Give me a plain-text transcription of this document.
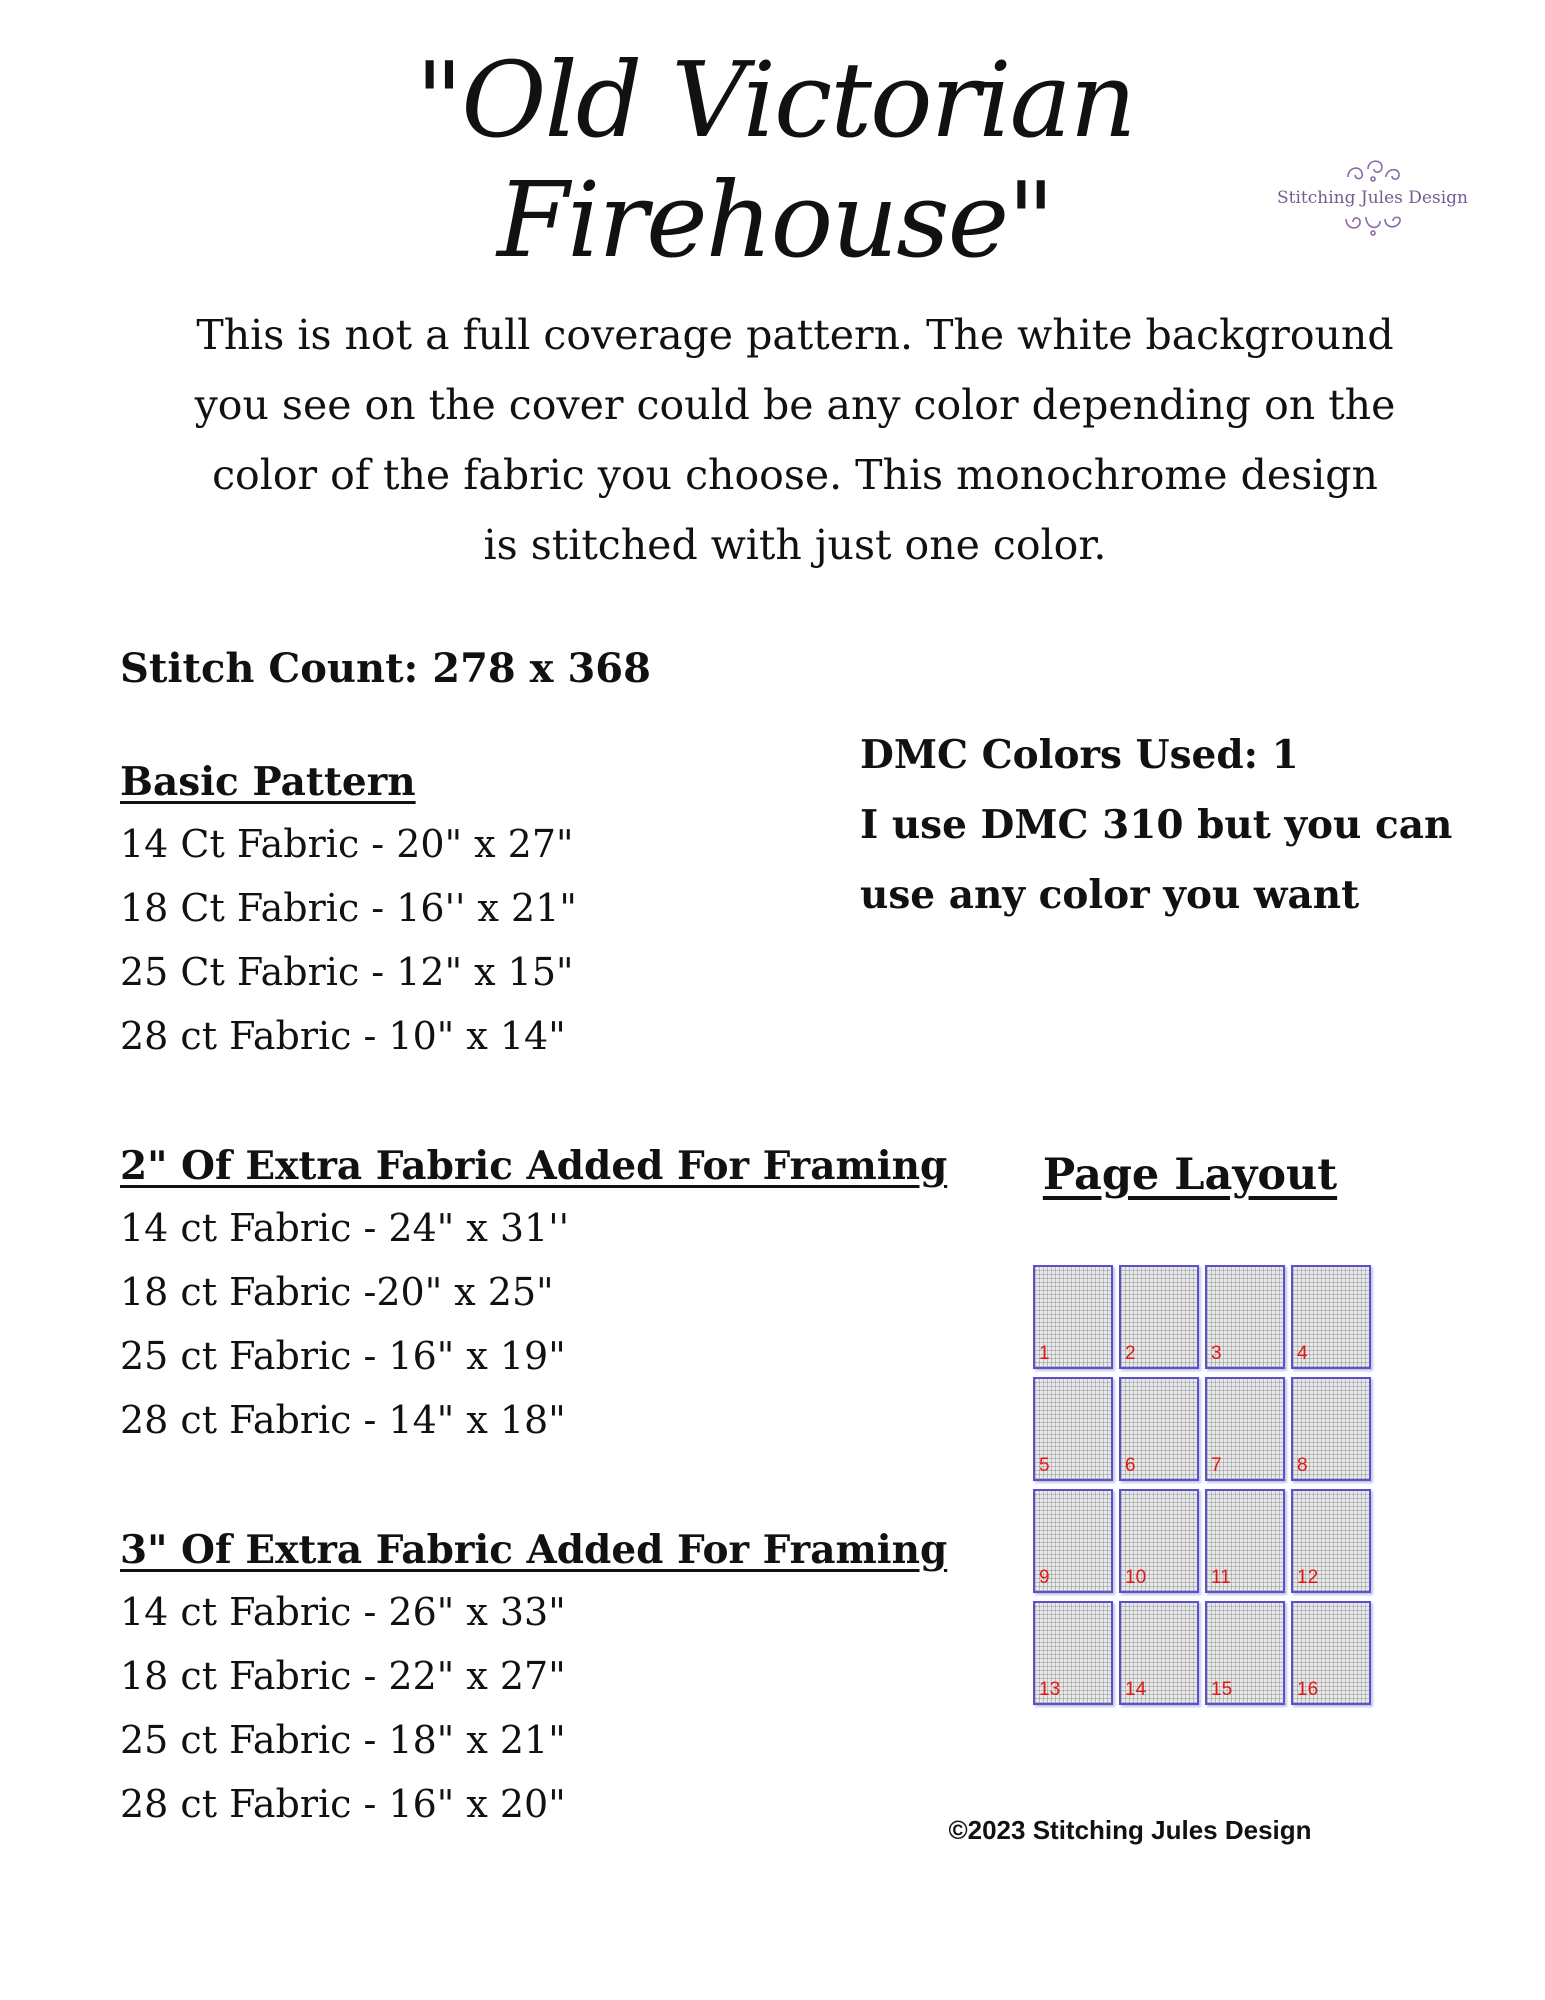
"Old Victorian Firehouse"	Stitching Jules Design
This is not a full coverage pattern. The white background
you see on the cover could be any color depending on the
color of the fabric you choose. This monochrome design
is stitched with just one color.
Stitch Count: 278 x 368
DMC Colors Used: 1
I use DMC 310 but you can
use any color you want
Basic Pattern
14 Ct Fabric - 20" x 27"
18 Ct Fabric - 16'' x 21"
25 Ct Fabric - 12" x 15"
28 ct Fabric - 10" x 14"
2" Of Extra Fabric Added For Framing
14 ct Fabric - 24" x 31''
18 ct Fabric -20" x 25"
25 ct Fabric - 16" x 19"
28 ct Fabric - 14" x 18"
3" Of Extra Fabric Added For Framing
14 ct Fabric - 26" x 33"
18 ct Fabric - 22" x 27"
25 ct Fabric - 18" x 21"
28 ct Fabric - 16" x 20"
Page Layout
1	2	3	4
5	6	7	8
9	10	11	12
13	14	15	16
©2023 Stitching Jules Design
